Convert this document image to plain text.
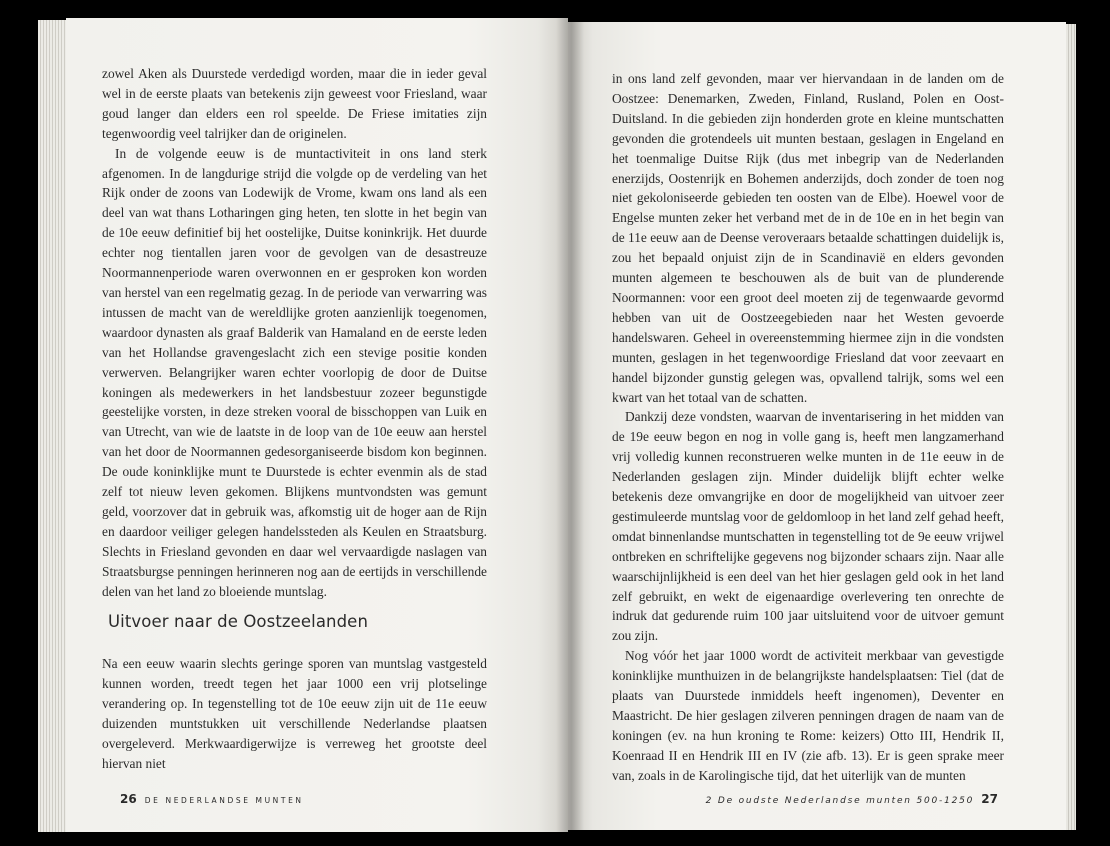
zowel Aken als Duurstede verdedigd worden, maar die in ieder geval wel in de eerste plaats van betekenis zijn geweest voor Friesland, waar goud langer dan elders een rol speelde. De Friese imitaties zijn tegenwoordig veel talrijker dan de originelen.

In de volgende eeuw is de muntactiviteit in ons land sterk afgenomen. In de langdurige strijd die volgde op de verdeling van het Rijk onder de zoons van Lodewijk de Vrome, kwam ons land als een deel van wat thans Lotharingen ging heten, ten slotte in het begin van de 10e eeuw definitief bij het oostelijke, Duitse koninkrijk. Het duurde echter nog tientallen jaren voor de gevolgen van de desastreuze Noormannenperiode waren overwonnen en er gesproken kon worden van herstel van een regelmatig gezag. In de periode van verwarring was intussen de macht van de wereldlijke groten aanzienlijk toegenomen, waardoor dynasten als graaf Balderik van Hamaland en de eerste leden van het Hollandse gravengeslacht zich een stevige positie konden verwerven. Belangrijker waren echter voorlopig de door de Duitse koningen als medewerkers in het landsbestuur zozeer begunstigde geestelijke vorsten, in deze streken vooral de bisschoppen van Luik en van Utrecht, van wie de laatste in de loop van de 10e eeuw aan herstel van het door de Noormannen gedesorganiseerde bisdom kon beginnen. De oude koninklijke munt te Duurstede is echter evenmin als de stad zelf tot nieuw leven gekomen. Blijkens muntvondsten was gemunt geld, voorzover dat in gebruik was, afkomstig uit de hoger aan de Rijn en daardoor veiliger gelegen handelssteden als Keulen en Straatsburg. Slechts in Friesland gevonden en daar wel vervaardigde naslagen van Straatsburgse penningen herinneren nog aan de eertijds in verschillende delen van het land zo bloeiende muntslag.

Uitvoer naar de Oostzeelanden

Na een eeuw waarin slechts geringe sporen van muntslag vastgesteld kunnen worden, treedt tegen het jaar 1000 een vrij plotselinge verandering op. In tegenstelling tot de 10e eeuw zijn uit de 11e eeuw duizenden muntstukken uit verschillende Nederlandse plaatsen overgeleverd. Merkwaardigerwijze is verreweg het grootste deel hiervan niet

26 DE NEDERLANDSE MUNTEN

in ons land zelf gevonden, maar ver hiervandaan in de landen om de Oostzee: Denemarken, Zweden, Finland, Rusland, Polen en Oost-Duitsland. In die gebieden zijn honderden grote en kleine muntschatten gevonden die grotendeels uit munten bestaan, geslagen in Engeland en het toenmalige Duitse Rijk (dus met inbegrip van de Nederlanden enerzijds, Oostenrijk en Bohemen anderzijds, doch zonder de toen nog niet gekoloniseerde gebieden ten oosten van de Elbe). Hoewel voor de Engelse munten zeker het verband met de in de 10e en in het begin van de 11e eeuw aan de Deense veroveraars betaalde schattingen duidelijk is, zou het bepaald onjuist zijn de in Scandinavië en elders gevonden munten algemeen te beschouwen als de buit van de plunderende Noormannen: voor een groot deel moeten zij de tegenwaarde gevormd hebben van uit de Oostzeegebieden naar het Westen gevoerde handelswaren. Geheel in overeenstemming hiermee zijn in die vondsten munten, geslagen in het tegenwoordige Friesland dat voor zeevaart en handel bijzonder gunstig gelegen was, opvallend talrijk, soms wel een kwart van het totaal van de schatten.

Dankzij deze vondsten, waarvan de inventarisering in het midden van de 19e eeuw begon en nog in volle gang is, heeft men langzamerhand vrij volledig kunnen reconstrueren welke munten in de 11e eeuw in de Nederlanden geslagen zijn. Minder duidelijk blijft echter welke betekenis deze omvangrijke en door de mogelijkheid van uitvoer zeer gestimuleerde muntslag voor de geldomloop in het land zelf gehad heeft, omdat binnenlandse muntschatten in tegenstelling tot de 9e eeuw vrijwel ontbreken en schriftelijke gegevens nog bijzonder schaars zijn. Naar alle waarschijnlijkheid is een deel van het hier geslagen geld ook in het land zelf gebruikt, en wekt de eigenaardige overlevering ten onrechte de indruk dat gedurende ruim 100 jaar uitsluitend voor de uitvoer gemunt zou zijn.

Nog vóór het jaar 1000 wordt de activiteit merkbaar van gevestigde koninklijke munthuizen in de belangrijkste handelsplaatsen: Tiel (dat de plaats van Duurstede inmiddels heeft ingenomen), Deventer en Maastricht. De hier geslagen zilveren penningen dragen de naam van de koningen (ev. na hun kroning te Rome: keizers) Otto III, Hendrik II, Koenraad II en Hendrik III en IV (zie afb. 13). Er is geen sprake meer van, zoals in de Karolingische tijd, dat het uiterlijk van de munten

2 De oudste Nederlandse munten 500-1250 27
